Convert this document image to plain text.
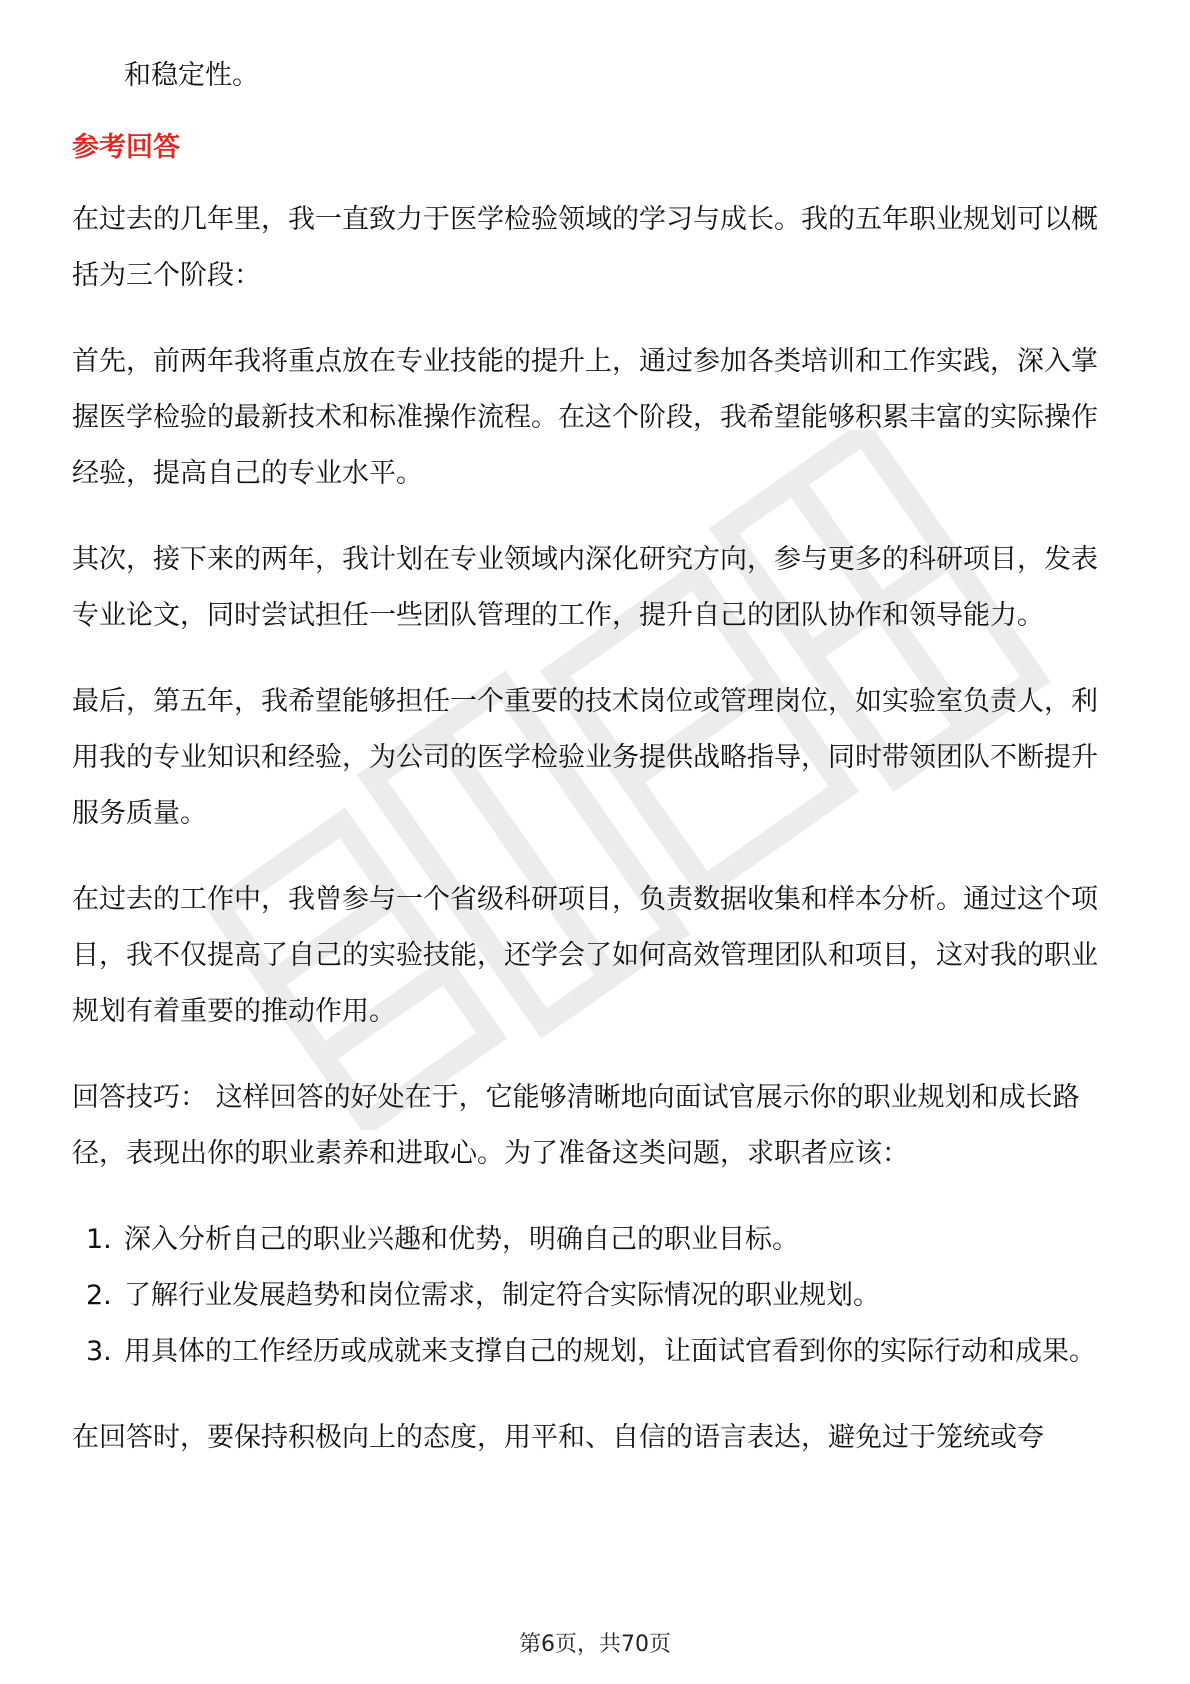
和稳定性。

参考回答

在过去的几年里，我一直致力于医学检验领域的学习与成长。我的五年职业规划可以概括为三个阶段：

首先，前两年我将重点放在专业技能的提升上，通过参加各类培训和工作实践，深入掌握医学检验的最新技术和标准操作流程。在这个阶段，我希望能够积累丰富的实际操作经验，提高自己的专业水平。

其次，接下来的两年，我计划在专业领域内深化研究方向，参与更多的科研项目，发表专业论文，同时尝试担任一些团队管理的工作，提升自己的团队协作和领导能力。

最后，第五年，我希望能够担任一个重要的技术岗位或管理岗位，如实验室负责人，利用我的专业知识和经验，为公司的医学检验业务提供战略指导，同时带领团队不断提升服务质量。

在过去的工作中，我曾参与一个省级科研项目，负责数据收集和样本分析。通过这个项目，我不仅提高了自己的实验技能，还学会了如何高效管理团队和项目，这对我的职业规划有着重要的推动作用。

回答技巧： 这样回答的好处在于，它能够清晰地向面试官展示你的职业规划和成长路径，表现出你的职业素养和进取心。为了准备这类问题，求职者应该：

1. 深入分析自己的职业兴趣和优势，明确自己的职业目标。
2. 了解行业发展趋势和岗位需求，制定符合实际情况的职业规划。
3. 用具体的工作经历或成就来支撑自己的规划，让面试官看到你的实际行动和成果。

在回答时，要保持积极向上的态度，用平和、自信的语言表达，避免过于笼统或夸

第6页，共70页
